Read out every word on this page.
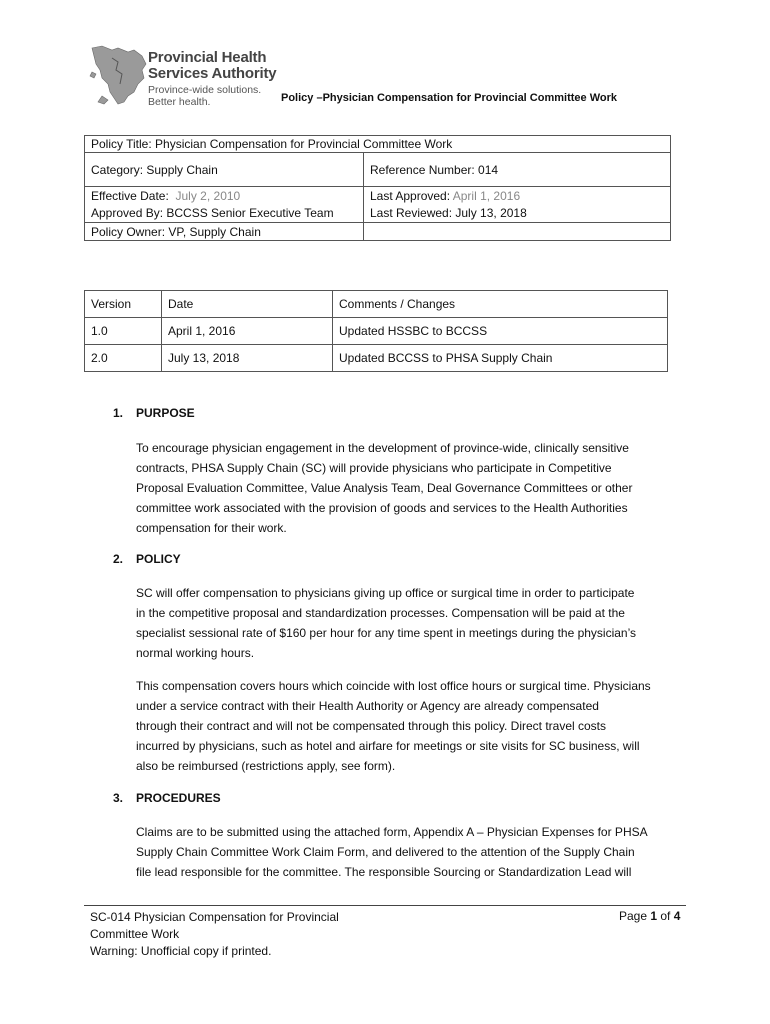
Provincial Health
Services Authority
Province-wide solutions.
Better health.	Policy –Physician Compensation for Provincial Committee Work
Policy Title: Physician Compensation for Provincial Committee Work	
Category: Supply Chain	Reference Number: 014
Effective Date: July 2, 2010	Last Approved: April 1, 2016
Approved By: BCCSS Senior Executive Team	Last Reviewed: July 13, 2018
Policy Owner: VP, Supply Chain	
Version	Date	Comments / Changes
1.0	April 1, 2016	Updated HSSBC to BCCSS
2.0	July 13, 2018	Updated BCCSS to PHSA Supply Chain
1. PURPOSE
To encourage physician engagement in the development of province-wide, clinically sensitive
contracts, PHSA Supply Chain (SC) will provide physicians who participate in Competitive
Proposal Evaluation Committee, Value Analysis Team, Deal Governance Committees or other
committee work associated with the provision of goods and services to the Health Authorities
compensation for their work.
2. POLICY
SC will offer compensation to physicians giving up office or surgical time in order to participate
in the competitive proposal and standardization processes. Compensation will be paid at the
specialist sessional rate of $160 per hour for any time spent in meetings during the physician’s
normal working hours.
This compensation covers hours which coincide with lost office hours or surgical time. Physicians
under a service contract with their Health Authority or Agency are already compensated
through their contract and will not be compensated through this policy. Direct travel costs
incurred by physicians, such as hotel and airfare for meetings or site visits for SC business, will
also be reimbursed (restrictions apply, see form).
3. PROCEDURES
Claims are to be submitted using the attached form, Appendix A – Physician Expenses for PHSA
Supply Chain Committee Work Claim Form, and delivered to the attention of the Supply Chain
file lead responsible for the committee. The responsible Sourcing or Standardization Lead will
SC-014 Physician Compensation for Provincial
Committee Work
Warning: Unofficial copy if printed.
Page 1 of 4
